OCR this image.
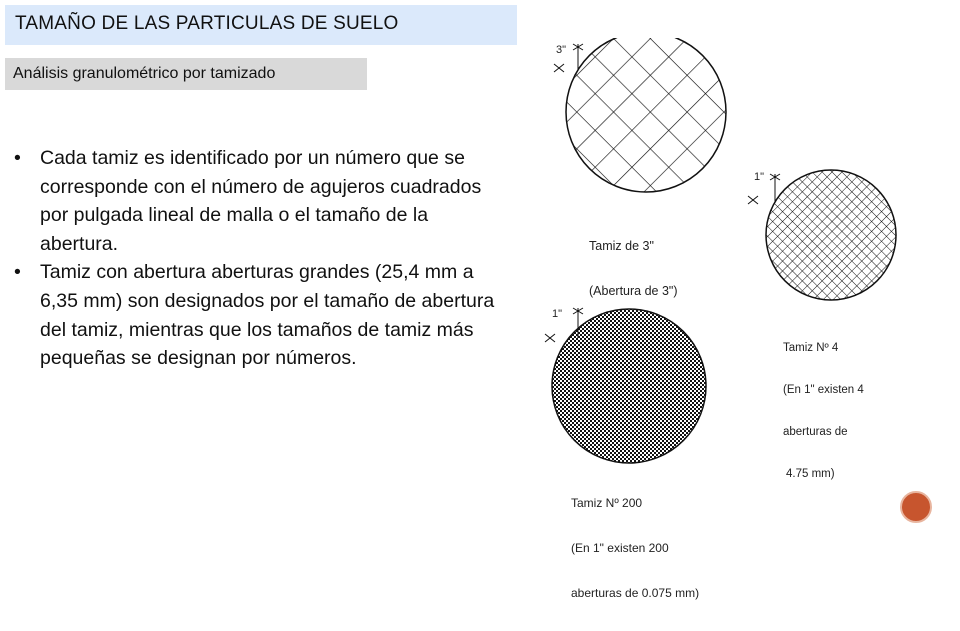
TAMAÑO DE LAS PARTICULAS DE SUELO
Análisis granulométrico por tamizado
• Cada tamiz es identificado por un número que se corresponde con el número de agujeros cuadrados por pulgada lineal de malla o el tamaño de la abertura.
• Tamiz con abertura aberturas grandes (25,4 mm a 6,35 mm) son designados por el tamaño de abertura del tamiz, mientras que los tamaños de tamiz más pequeñas se designan por números.
3"
1"
1"

Tamiz de 3"

(Abertura de 3")

Tamiz Nº 4

(En 1" existen 4

aberturas de

4.75 mm)

Tamiz Nº 200

(En 1" existen 200

aberturas de 0.075 mm)
